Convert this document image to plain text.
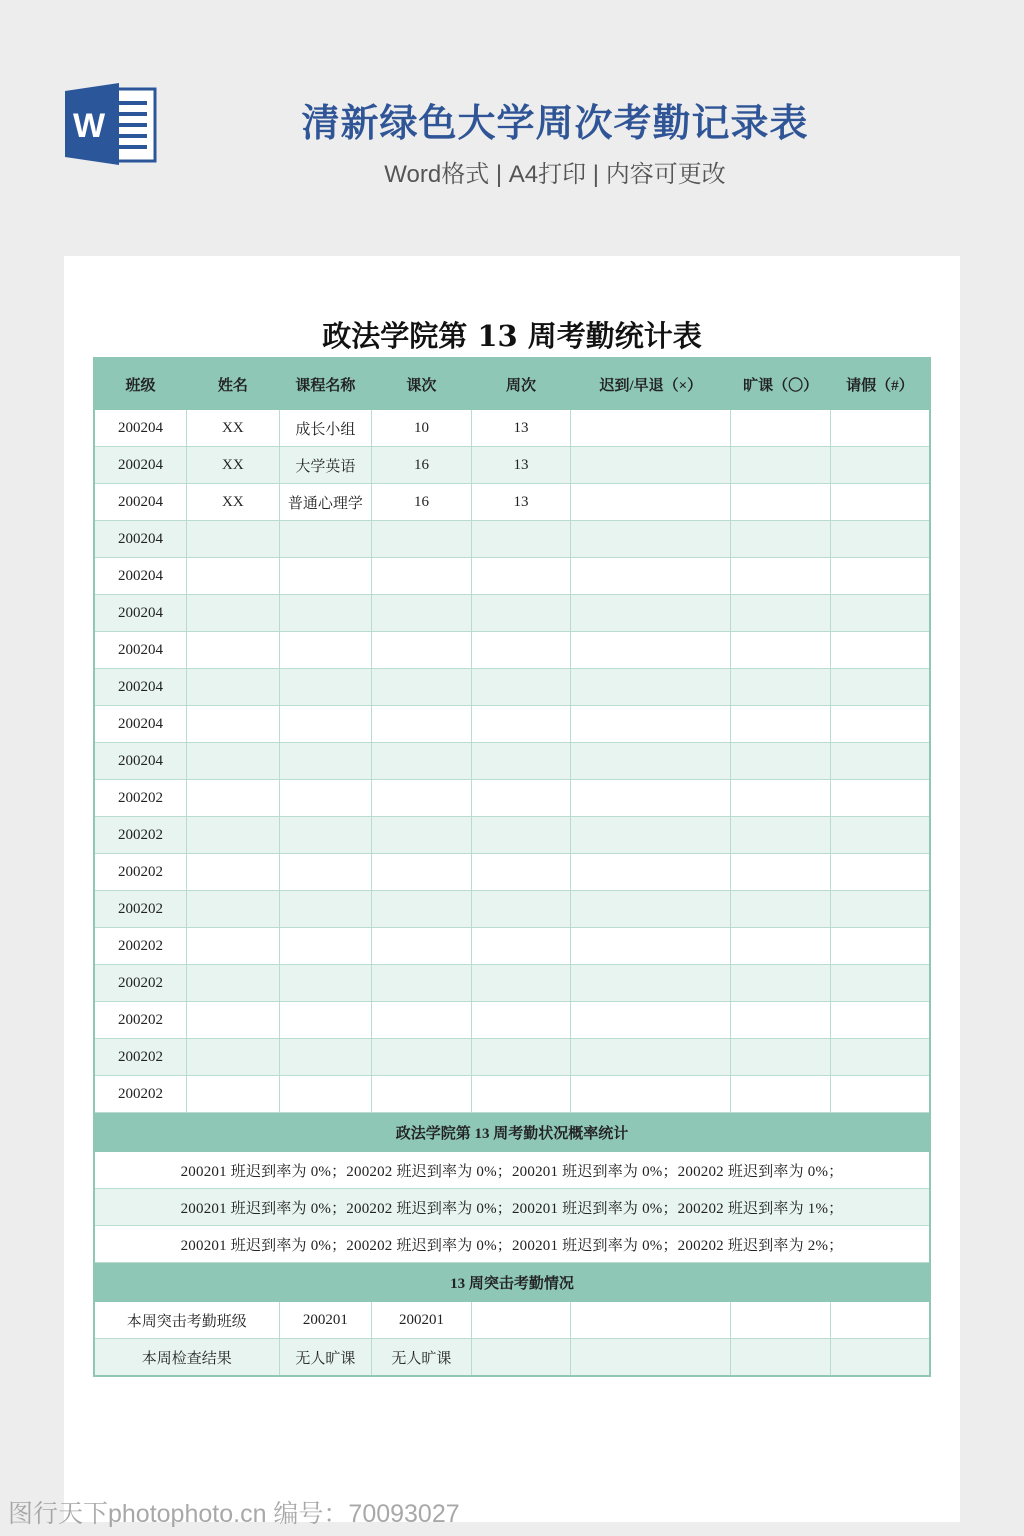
W	清新绿色大学周次考勤记录表
Word格式 | A4打印 | 内容可更改
政法学院第 13 周考勤统计表
班级	姓名	课程名称	课次	周次	迟到/早退（×）	旷课（〇）	请假（#）
200204	XX	成长小组	10	13			
200204	XX	大学英语	16	13			
200204	XX	普通心理学	16	13			
200204							
200204							
200204							
200204							
200204							
200204							
200204							
200202							
200202							
200202							
200202							
200202							
200202							
200202							
200202							
200202							
政法学院第 13 周考勤状况概率统计							
200201 班迟到率为 0%；200202 班迟到率为 0%；200201 班迟到率为 0%；200202 班迟到率为 0%；							
200201 班迟到率为 0%；200202 班迟到率为 0%；200201 班迟到率为 0%；200202 班迟到率为 1%；							
200201 班迟到率为 0%；200202 班迟到率为 0%；200201 班迟到率为 0%；200202 班迟到率为 2%；							
13 周突击考勤情况							
本周突击考勤班级		200201	200201				
本周检查结果		无人旷课	无人旷课				
图行天下photophoto.cn 编号：70093027
